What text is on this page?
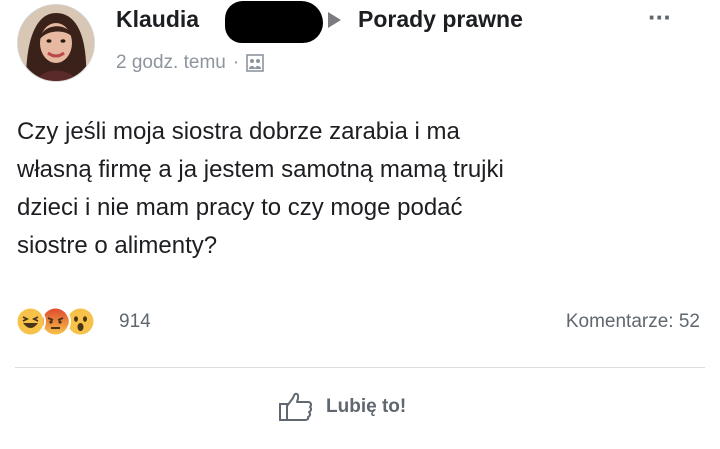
Klaudia	Porady prawne	···
2 godz. temu ·

Czy jeśli moja siostra dobrze zarabia i ma

własną firmę a ja jestem samotną mamą trujki

dzieci i nie mam pracy to czy moge podać

siostre o alimenty?

914	Komentarze: 52
Lubię to!
